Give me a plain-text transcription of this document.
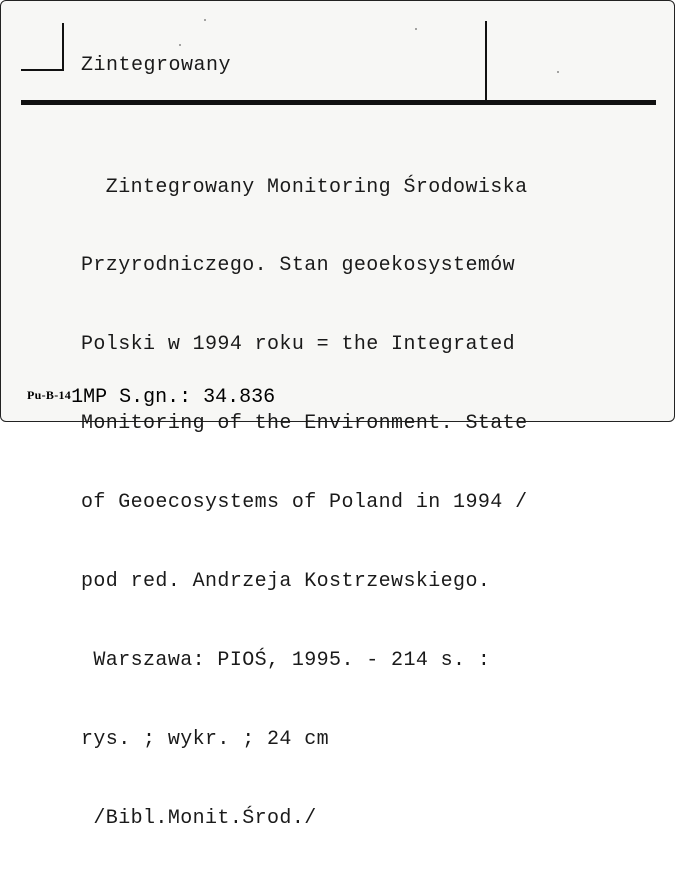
Zintegrowany

Zintegrowany Monitoring Środowiska

Przyrodniczego. Stan geoekosystemów

Polski w 1994 roku = the Integrated

Monitoring of the Environment. State

of Geoecosystems of Poland in 1994 /

pod red. Andrzeja Kostrzewskiego.

Warszawa: PIOŚ, 1995. - 214 s. :

rys. ; wykr. ; 24 cm

/Bibl.Monit.Środ./

Pu-B-141MP S.gn.: 34.836
